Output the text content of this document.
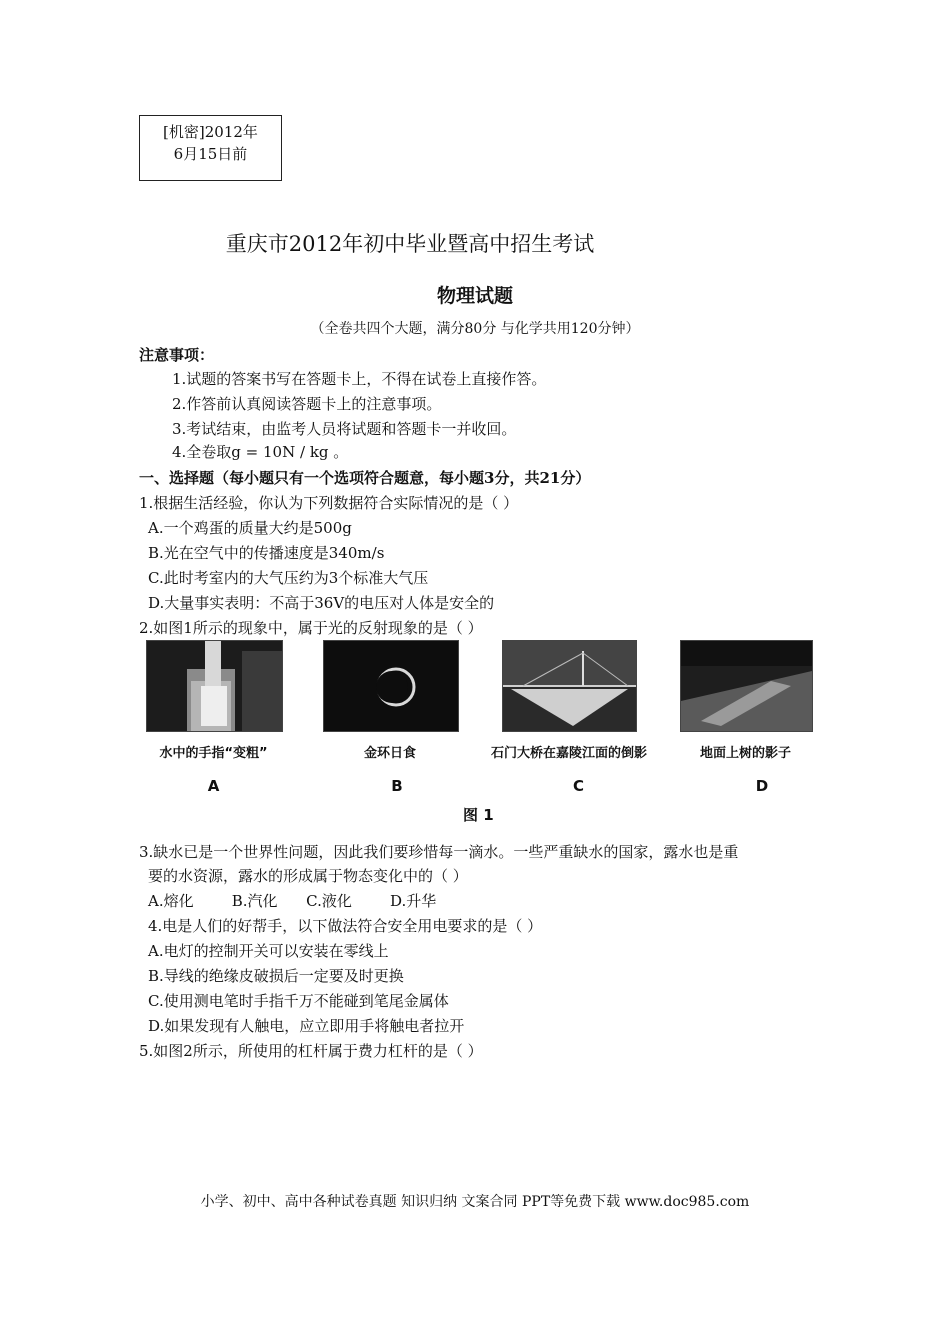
[机密]2012年
6月15日前
重庆市2012年初中毕业暨高中招生考试
物理试题
（全卷共四个大题，满分80分 与化学共用120分钟）
注意事项：
1.试题的答案书写在答题卡上，不得在试卷上直接作答。
2.作答前认真阅读答题卡上的注意事项。
3.考试结束，由监考人员将试题和答题卡一并收回。
4.全卷取g = 10N / kg 。
一、选择题（每小题只有一个选项符合题意，每小题3分，共21分）
1.根据生活经验，你认为下列数据符合实际情况的是（ ）
A.一个鸡蛋的质量大约是500g
B.光在空气中的传播速度是340m/s
C.此时考室内的大气压约为3个标准大气压
D.大量事实表明：不高于36V的电压对人体是安全的
2.如图1所示的现象中，属于光的反射现象的是（ ）
水中的手指“变粗”	金环日食	石门大桥在嘉陵江面的倒影	地面上树的影子
A	B	C	D
图 1
3.缺水已是一个世界性问题，因此我们要珍惜每一滴水。一些严重缺水的国家，露水也是重
要的水资源，露水的形成属于物态变化中的（ ）
A.熔化        B.汽化      C.液化        D.升华
4.电是人们的好帮手，以下做法符合安全用电要求的是（ ）
A.电灯的控制开关可以安装在零线上
B.导线的绝缘皮破损后一定要及时更换
C.使用测电笔时手指千万不能碰到笔尾金属体
D.如果发现有人触电，应立即用手将触电者拉开
5.如图2所示，所使用的杠杆属于费力杠杆的是（ ）
小学、初中、高中各种试卷真题 知识归纳 文案合同 PPT等免费下载 www.doc985.com
